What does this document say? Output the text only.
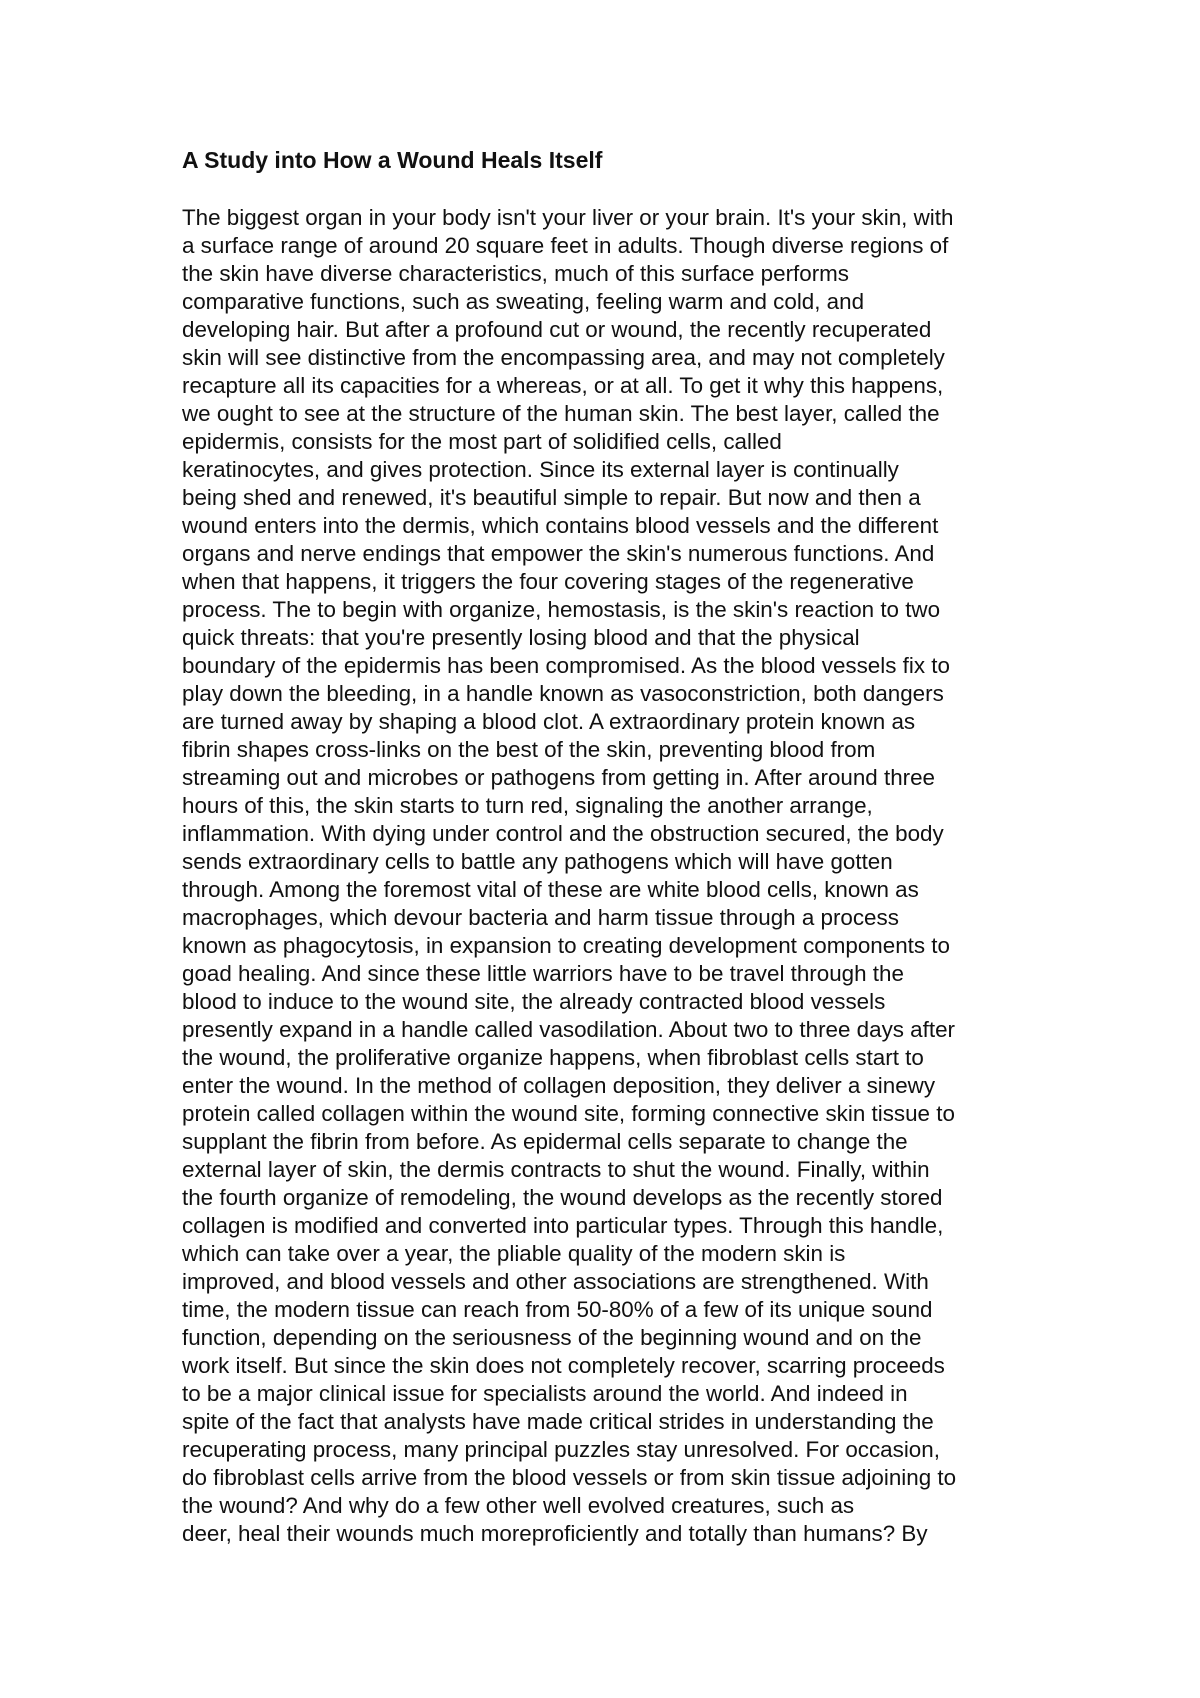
A Study into How a Wound Heals Itself
The biggest organ in your body isn't your liver or your brain. It's your skin, with
a surface range of around 20 square feet in adults. Though diverse regions of
the skin have diverse characteristics, much of this surface performs
comparative functions, such as sweating, feeling warm and cold, and
developing hair. But after a profound cut or wound, the recently recuperated
skin will see distinctive from the encompassing area, and may not completely
recapture all its capacities for a whereas, or at all. To get it why this happens,
we ought to see at the structure of the human skin. The best layer, called the
epidermis, consists for the most part of solidified cells, called
keratinocytes, and gives protection. Since its external layer is continually
being shed and renewed, it's beautiful simple to repair. But now and then a
wound enters into the dermis, which contains blood vessels and the different
organs and nerve endings that empower the skin's numerous functions. And
when that happens, it triggers the four covering stages of the regenerative
process. The to begin with organize, hemostasis, is the skin's reaction to two
quick threats: that you're presently losing blood and that the physical
boundary of the epidermis has been compromised. As the blood vessels fix to
play down the bleeding, in a handle known as vasoconstriction, both dangers
are turned away by shaping a blood clot. A extraordinary protein known as
fibrin shapes cross-links on the best of the skin, preventing blood from
streaming out and microbes or pathogens from getting in. After around three
hours of this, the skin starts to turn red, signaling the another arrange,
inflammation. With dying under control and the obstruction secured, the body
sends extraordinary cells to battle any pathogens which will have gotten
through. Among the foremost vital of these are white blood cells, known as
macrophages, which devour bacteria and harm tissue through a process
known as phagocytosis, in expansion to creating development components to
goad healing. And since these little warriors have to be travel through the
blood to induce to the wound site, the already contracted blood vessels
presently expand in a handle called vasodilation. About two to three days after
the wound, the proliferative organize happens, when fibroblast cells start to
enter the wound. In the method of collagen deposition, they deliver a sinewy
protein called collagen within the wound site, forming connective skin tissue to
supplant the fibrin from before. As epidermal cells separate to change the
external layer of skin, the dermis contracts to shut the wound. Finally, within
the fourth organize of remodeling, the wound develops as the recently stored
collagen is modified and converted into particular types. Through this handle,
which can take over a year, the pliable quality of the modern skin is
improved, and blood vessels and other associations are strengthened. With
time, the modern tissue can reach from 50-80% of a few of its unique sound
function, depending on the seriousness of the beginning wound and on the
work itself. But since the skin does not completely recover, scarring proceeds
to be a major clinical issue for specialists around the world. And indeed in
spite of the fact that analysts have made critical strides in understanding the
recuperating process, many principal puzzles stay unresolved. For occasion,
do fibroblast cells arrive from the blood vessels or from skin tissue adjoining to
the wound? And why do a few other well evolved creatures, such as
deer, heal their wounds much moreproficiently and totally than humans? By
